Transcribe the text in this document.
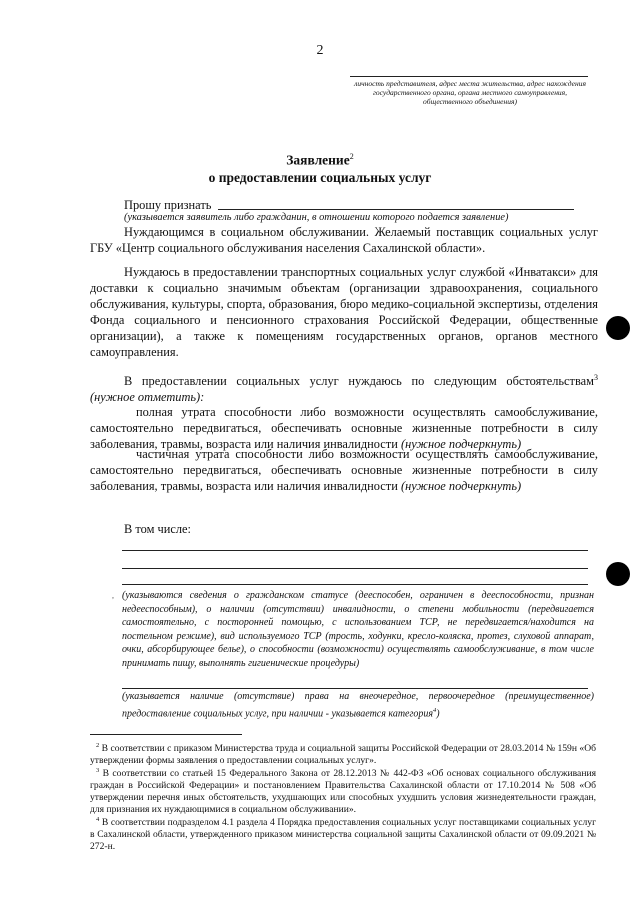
2
личность представителя, адрес места жительства, адрес нахождения государственного органа, органа местного самоуправления, общественного объединения)
Заявление$^2$
о предоставлении социальных услуг
Прошу признать
(указывается заявитель либо гражданин, в отношении которого подается заявление)
Нуждающимся в социальном обслуживании. Желаемый поставщик социальных услуг ГБУ «Центр социального обслуживания населения Сахалинской области».
Нуждаюсь в предоставлении транспортных социальных услуг службой «Инватакси» для доставки к социально значимым объектам (организации здравоохранения, социального обслуживания, культуры, спорта, образования, бюро медико-социальной экспертизы, отделения Фонда социального и пенсионного страхования Российской Федерации, общественные организации), а также к помещениям государственных органов, органов местного самоуправления.
В предоставлении социальных услуг нуждаюсь по следующим обстоятельствам$^3$ (нужное отметить):
полная утрата способности либо возможности осуществлять самообслуживание, самостоятельно передвигаться, обеспечивать основные жизненные потребности в силу заболевания, травмы, возраста или наличия инвалидности (нужное подчеркнуть)
частичная утрата способности либо возможности осуществлять самообслуживание, самостоятельно передвигаться, обеспечивать основные жизненные потребности в силу заболевания, травмы, возраста или наличия инвалидности (нужное подчеркнуть)
В том числе:
, (указываются сведения о гражданском статусе (дееспособен, ограничен в дееспособности, признан недееспособным), о наличии (отсутствии) инвалидности, о степени мобильности (передвигается самостоятельно, с посторонней помощью, с использованием ТСР, не передвигается/находится на постельном режиме), вид используемого ТСР (трость, ходунки, кресло-коляска, протез, слуховой аппарат, очки, абсорбирующее белье), о способности (возможности) осуществлять самообслуживание, в том числе принимать пищу, выполнять гигиенические процедуры)
(указывается наличие (отсутствие) права на внеочередное, первоочередное (преимущественное) предоставление социальных услуг, при наличии - указывается категория$^4$)
$^2$ В соответствии с приказом Министерства труда и социальной защиты Российской Федерации от 28.03.2014 № 159н «Об утверждении формы заявления о предоставлении социальных услуг».
$^3$ В соответствии со статьей 15 Федерального Закона от 28.12.2013 № 442-ФЗ «Об основах социального обслуживания граждан в Российской Федерации» и постановлением Правительства Сахалинской области от 17.10.2014 № 508 «Об утверждении перечня иных обстоятельств, ухудшающих или способных ухудшить условия жизнедеятельности граждан, для признания их нуждающимися в социальном обслуживании».
$^4$ В соответствии подразделом 4.1 раздела 4 Порядка предоставления социальных услуг поставщиками социальных услуг в Сахалинской области, утвержденного приказом министерства социальной защиты Сахалинской области от 09.09.2021 № 272-н.
